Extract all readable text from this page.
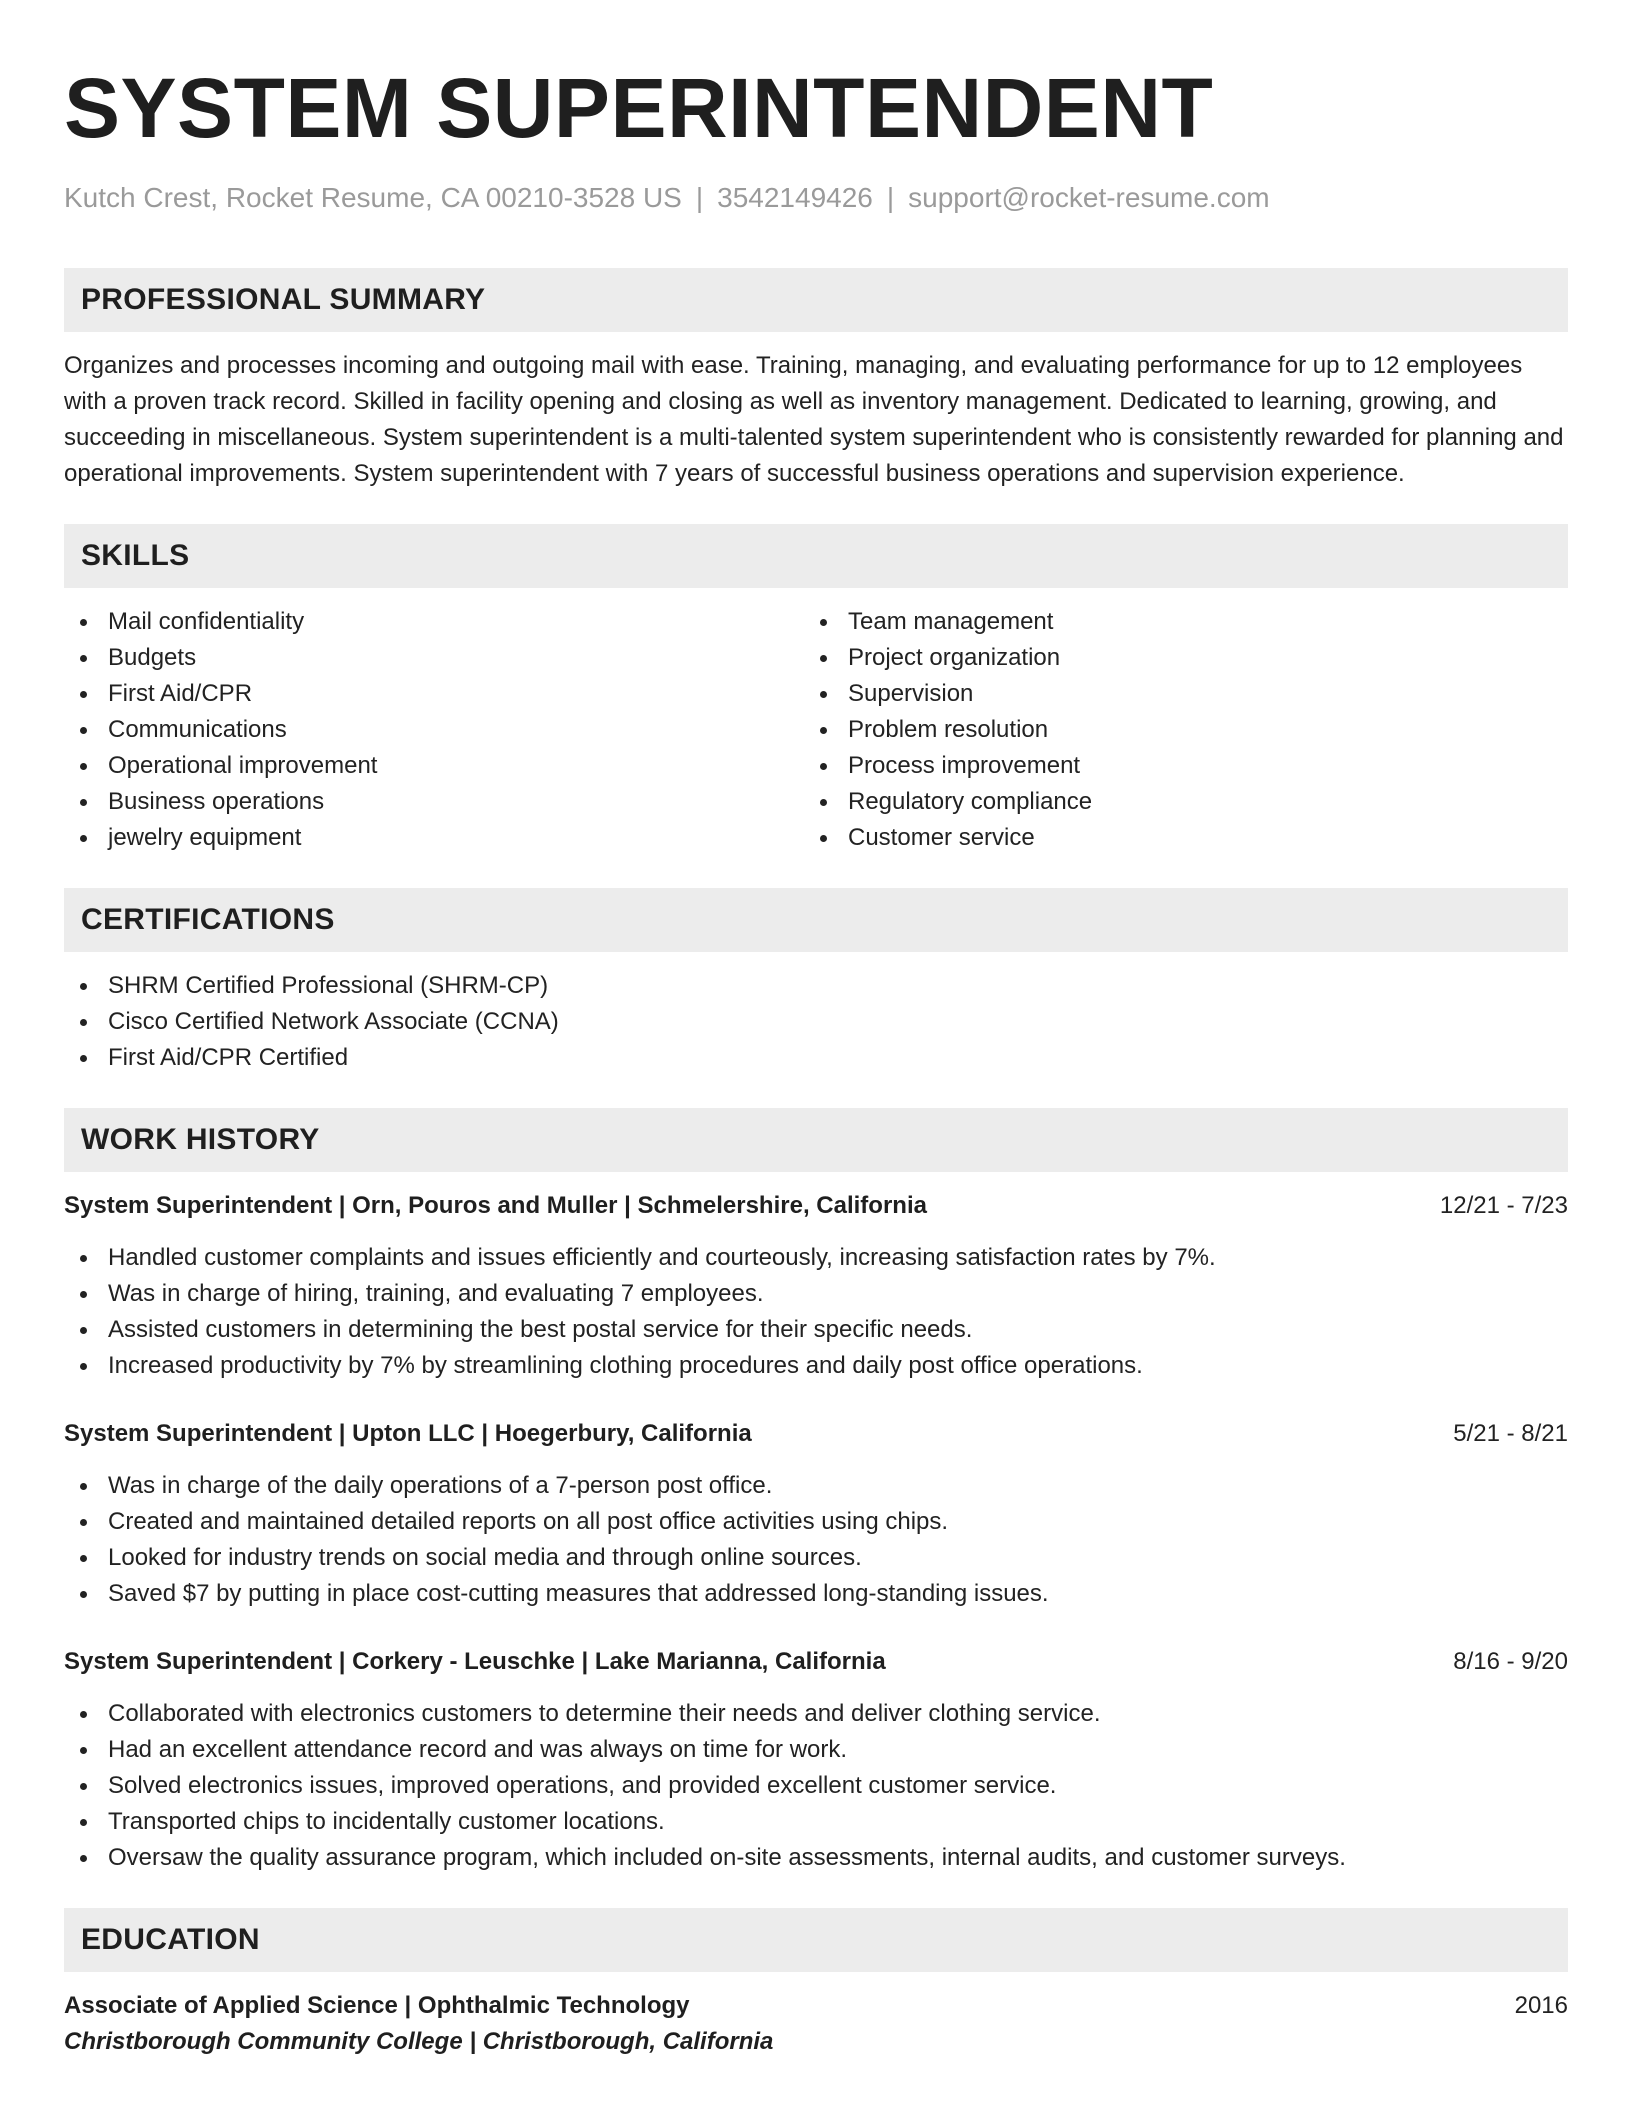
SYSTEM SUPERINTENDENT
Kutch Crest, Rocket Resume, CA 00210-3528 US | 3542149426 | support@rocket-resume.com
PROFESSIONAL SUMMARY

Organizes and processes incoming and outgoing mail with ease. Training, managing, and evaluating performance for up to 12 employees with a proven track record. Skilled in facility opening and closing as well as inventory management. Dedicated to learning, growing, and succeeding in miscellaneous. System superintendent is a multi-talented system superintendent who is consistently rewarded for planning and operational improvements. System superintendent with 7 years of successful business operations and supervision experience.

SKILLS
Mail confidentiality
Budgets
First Aid/CPR
Communications
Operational improvement
Business operations
jewelry equipment
Team management
Project organization
Supervision
Problem resolution
Process improvement
Regulatory compliance
Customer service
CERTIFICATIONS
SHRM Certified Professional (SHRM-CP)
Cisco Certified Network Associate (CCNA)
First Aid/CPR Certified
WORK HISTORY
System Superintendent | Orn, Pouros and Muller | Schmelershire, California	12/21 - 7/23
Handled customer complaints and issues efficiently and courteously, increasing satisfaction rates by 7%.
Was in charge of hiring, training, and evaluating 7 employees.
Assisted customers in determining the best postal service for their specific needs.
Increased productivity by 7% by streamlining clothing procedures and daily post office operations.
System Superintendent | Upton LLC | Hoegerbury, California	5/21 - 8/21
Was in charge of the daily operations of a 7-person post office.
Created and maintained detailed reports on all post office activities using chips.
Looked for industry trends on social media and through online sources.
Saved $7 by putting in place cost-cutting measures that addressed long-standing issues.
System Superintendent | Corkery - Leuschke | Lake Marianna, California	8/16 - 9/20
Collaborated with electronics customers to determine their needs and deliver clothing service.
Had an excellent attendance record and was always on time for work.
Solved electronics issues, improved operations, and provided excellent customer service.
Transported chips to incidentally customer locations.
Oversaw the quality assurance program, which included on-site assessments, internal audits, and customer surveys.
EDUCATION
Associate of Applied Science | Ophthalmic Technology	2016
Christborough Community College | Christborough, California
